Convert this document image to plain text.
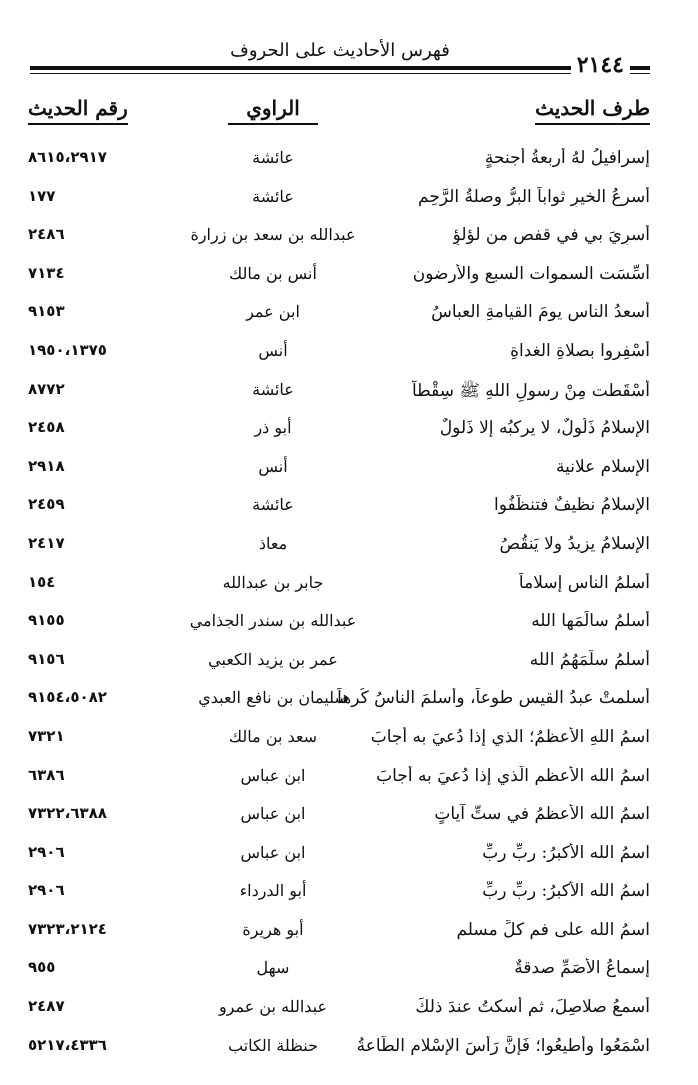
فهرس الأحاديث على الحروف
٢١٤٤
طرف الحديث
الراوي
رقم الحديث
إسرافيلُ لهُ أربعةُ أجنحةٍ
عائشة
٨٦١٥،٢٩١٧
أسرعُ الخيرِ ثواباً البرُّ وصلةُ الرَّحِمِ
عائشة
١٧٧
أُسرِيَ بي في قفصٍ من لؤلؤٍ
عبدالله بن سعد بن زرارة
٢٤٨٦
أُسِّسَت السموات السبع والأرضون
أنس بن مالك
٧١٣٤
أسعدُ الناسِ يومَ القيامةِ العباسُ
ابن عمر
٩١٥٣
أَسْفِروا بصلاةِ الغداةِ
أنس
١٩٥٠،١٣٧٥
أَسْقَطت مِنْ رسولِ اللهِ ﷺ سِقْطاً
عائشة
٨٧٧٢
الإسلامُ ذَلُولٌ، لا يركبُه إلا ذَلولٌ
أبو ذر
٢٤٥٨
الإسلام علانية
أنس
٢٩١٨
الإسلامُ نظيفٌ فتنظَّفُوا
عائشة
٢٤٥٩
الإسلامُ يزيدُ ولا يَنقُصُ
معاذ
٢٤١٧
أسلمُ الناسِ إسلاماً
جابر بن عبدالله
١٥٤
أسلمُ سالَمَها الله
عبدالله بن سندر الجذامي
٩١٥٥
أسلمُ سلَّمَهُمُ الله
عمر بن يزيد الكعبي
٩١٥٦
أسلمتْ عبدُ القيسِ طوعاً، وأسلمَ الناسُ كُرهاً
سليمان بن نافع العبدي
٩١٥٤،٥٠٨٢
اسمُ اللهِ الأعظمُ؛ الذي إذا دُعيَ به أجابَ
سعد بن مالك
٧٣٢١
اسمُ الله الأعظم الَّذي إذا دُعيَ به أجابَ
ابن عباس
٦٣٨٦
اسمُ الله الأعظمُ في ستِّ آياتٍ
ابن عباس
٧٣٢٢،٦٣٨٨
اسمُ الله الأكبرُ: ربِّ ربِّ
ابن عباس
٢٩٠٦
اسمُ الله الأكبرُ: ربِّ ربِّ
أبو الدرداء
٢٩٠٦
اسمُ الله على فمِ كلِّ مسلمٍ
أبو هريرة
٧٣٢٣،٢١٢٤
إسماعُ الأصَمِّ صدقةٌ
سهل
٩٥٥
أسمعُ صلاصِلَ، ثم أسكتُ عندَ ذلكَ
عبدالله بن عمرو
٢٤٨٧
اسْمَعُوا وأَطيعُوا؛ فَإنَّ رَأْسَ الإسْلامِ الطَّاعةُ
حنظلة الكاتب
٥٢١٧،٤٣٣٦
